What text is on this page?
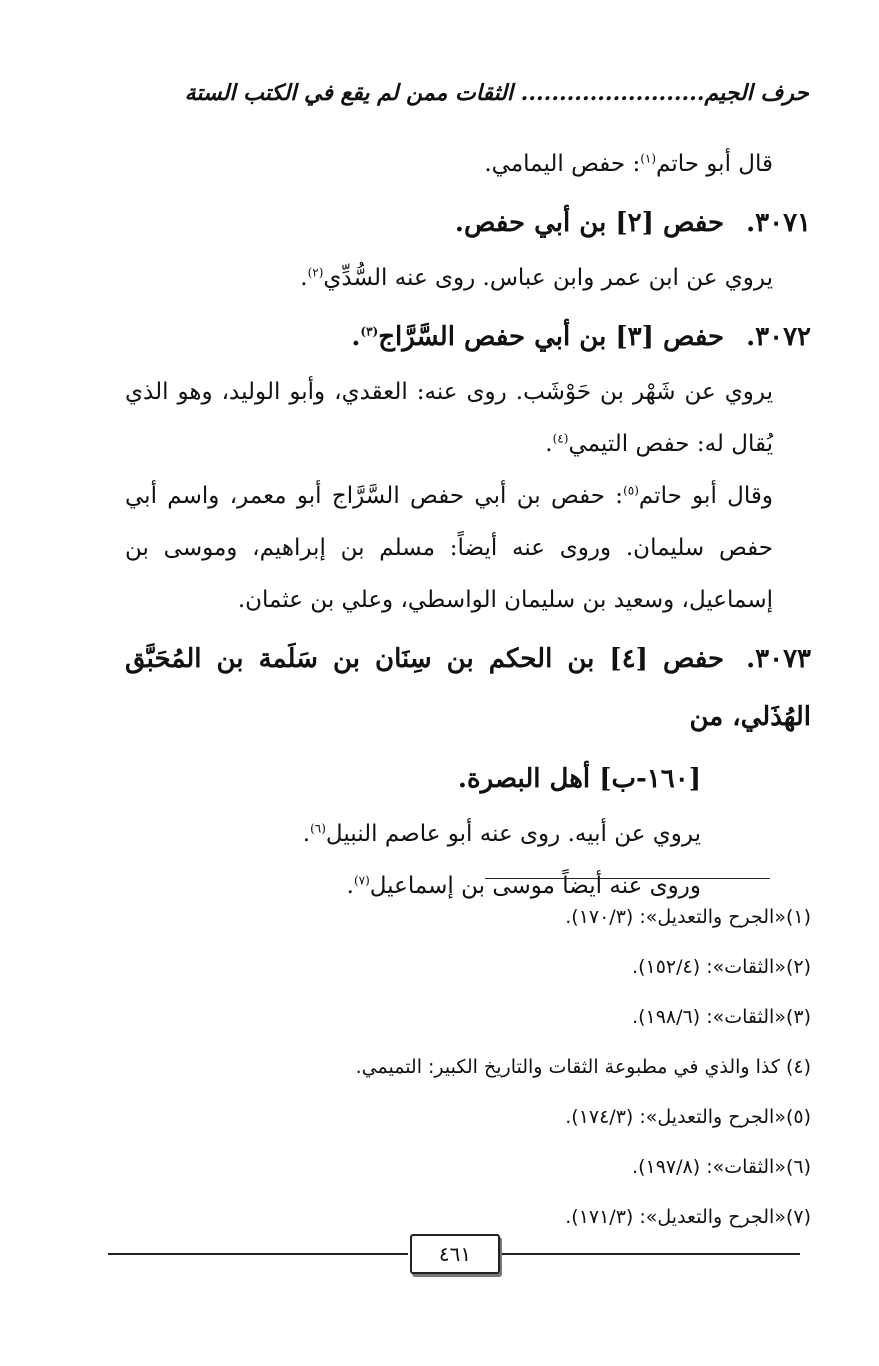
حرف الجيم........................ الثقات ممن لم يقع في الكتب الستة

قال أبو حاتم$^{(١)}$: حفص اليمامي.

٣٠٧١.حفص [٢] بن أبي حفص.

يروي عن ابن عمر وابن عباس. روى عنه السُّدِّي$^{(٢)}$.

٣٠٧٢.حفص [٣] بن أبي حفص السَّرَّاج$^{(٣)}$.

يروي عن شَهْر بن حَوْشَب. روى عنه: العقدي، وأبو الوليد، وهو الذي يُقال له: حفص التيمي$^{(٤)}$.

وقال أبو حاتم$^{(٥)}$: حفص بن أبي حفص السَّرَّاج أبو معمر، واسم أبي حفص سليمان. وروى عنه أيضاً: مسلم بن إبراهيم، وموسى بن إسماعيل، وسعيد بن سليمان الواسطي، وعلي بن عثمان.

٣٠٧٣.حفص [٤] بن الحكم بن سِنَان بن سَلَمة بن المُحَبَّق الهُذَلي، من

[١٦٠-ب] أهل البصرة.

يروي عن أبيه. روى عنه أبو عاصم النبيل$^{(٦)}$.

وروى عنه أيضاً موسى بن إسماعيل$^{(٧)}$.

(١)«الجرح والتعديل»: (١٧٠/٣).
(٢)«الثقات»: (١٥٢/٤).
(٣)«الثقات»: (١٩٨/٦).
(٤) كذا والذي في مطبوعة الثقات والتاريخ الكبير: التميمي.
(٥)«الجرح والتعديل»: (١٧٤/٣).
(٦)«الثقات»: (١٩٧/٨).
(٧)«الجرح والتعديل»: (١٧١/٣).
٤٦١
